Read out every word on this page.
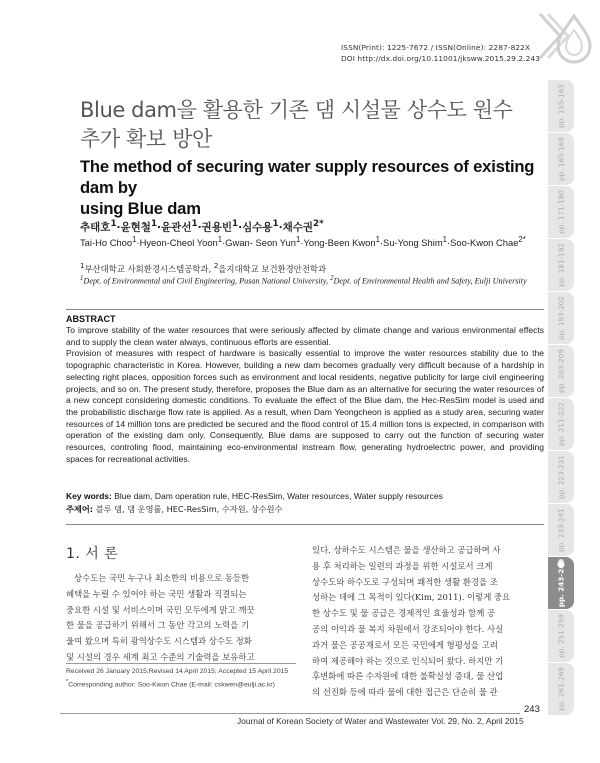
ISSN(Print): 1225-7672 / ISSN(Online): 2287-822X
DOI http://dx.doi.org/10.11001/jksww.2015.29.2.243
pp. 155-163
pp. 165-169
pp. 171-180
pp. 181-192
pp. 193-202
pp. 203-209
pp. 211-222
pp. 223-231
pp. 233-241
pp. 243-249
pp. 251-259
pp. 261-269
Blue dam을 활용한 기존 댐 시설물 상수도 원수
추가 확보 방안
The method of securing water supply resources of existing dam by
using Blue dam
추태호$^1$·윤현철$^1$·윤관선$^1$·권용빈$^1$·심수용$^1$·채수권$^{2*}$
Tai-Ho Choo$^1$·Hyeon-Cheol Yoon$^1$·Gwan- Seon Yun$^1$·Yong-Been Kwon$^1$·Su-Yong Shim$^1$·Soo-Kwon Chae$^{2*}$
$^1$부산대학교 사회환경시스템공학과, $^2$을지대학교 보건환경안전학과
$^1$Dept. of Environmental and Civil Engineering, Pusan National University, $^2$Dept. of Environmental Health and Safety, Eulji University
ABSTRACT

To improve stability of the water resources that were seriously affected by climate change and various environmental effects and to supply the clean water always, continuous efforts are essential.

Provision of measures with respect of hardware is basically essential to improve the water resources stability due to the topographic characteristic in Korea. However, building a new dam becomes gradually very difficult because of a hardship in selecting right places, opposition forces such as environment and local residents, negative publicity for large civil engineering projects, and so on. The present study, therefore, proposes the Blue dam as an alternative for securing the water resources of a new concept considering domestic conditions. To evaluate the effect of the Blue dam, the Hec-ResSim model is used and the probabilistic discharge flow rate is applied. As a result, when Dam Yeongcheon is applied as a study area, securing water resources of 14 million tons are predicted be secured and the flood control of 15.4 million tons is expected, in comparison with operation of the existing dam only. Consequently, Blue dams are supposed to carry out the function of securing water resources, controling flood, maintaining eco-environmental instream flow, generating hydroelectric power, and providing spaces for recreational activities.

Key words: Blue dam, Dam operation rule, HEC-ResSim, Water resources, Water supply resources
주제어: 블루 댐, 댐 운영룰, HEC-ResSim, 수자원, 상수원수
1. 서 론
상수도는 국민 누구나 최소한의 비용으로 동등한
혜택을 누릴 수 있어야 하는 국민 생활과 직결되는
중요한 시설 및 서비스이며 국민 모두에게 맑고 깨끗
한 물을 공급하기 위해서 그 동안 각고의 노력을 기
울여 왔으며 특히 광역상수도 시스템과 상수도 정화
및 시설의 경우 세계 최고 수준의 기술력을 보유하고
있다. 상하수도 시스템은 물을 생산하고 공급하며 사
용 후 처리하는 일련의 과정을 위한 시설로서 크게
상수도와 하수도로 구성되며 쾌적한 생활 환경을 조
성하는 데에 그 목적이 있다(Kim, 2011). 이렇게 중요
한 상수도 및 물 공급은 경제적인 효율성과 함께 공
공의 이익과 물 복지 차원에서 강조되어야 한다. 사실
과거 물은 공공재로서 모든 국민에게 형평성을 고려
하여 제공해야 하는 것으로 인식되어 왔다. 하지만 기
후변화에 따른 수자원에 대한 불확실성 증대, 물 산업
의 선진화 등에 따라 물에 대한 접근은 단순히 물 관
Received 26 January 2015;Revised 14 April 2015; Accepted 15 April 2015
*Corresponding author: Soo-Kwon Chae (E-mail: cskwen@eulji.ac.kr)
243
Journal of Korean Society of Water and Wastewater Vol. 29, No. 2, April 2015
